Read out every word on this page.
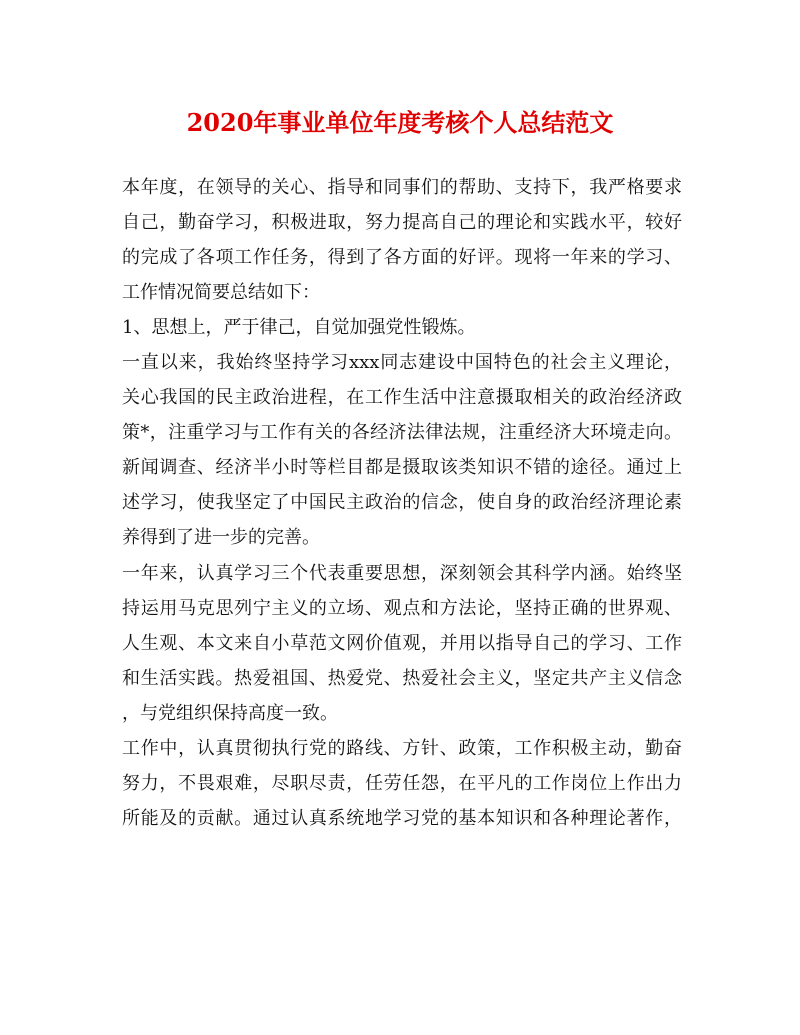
2020年事业单位年度考核个人总结范文
本年度，在领导的关心、指导和同事们的帮助、支持下，我严格要求
自己，勤奋学习，积极进取，努力提高自己的理论和实践水平，较好
的完成了各项工作任务，得到了各方面的好评。现将一年来的学习、
工作情况简要总结如下：
1、思想上，严于律己，自觉加强党性锻炼。
一直以来，我始终坚持学习xxx同志建设中国特色的社会主义理论，
关心我国的民主政治进程，在工作生活中注意摄取相关的政治经济政
策*，注重学习与工作有关的各经济法律法规，注重经济大环境走向。
新闻调查、经济半小时等栏目都是摄取该类知识不错的途径。通过上
述学习，使我坚定了中国民主政治的信念，使自身的政治经济理论素
养得到了进一步的完善。
一年来，认真学习三个代表重要思想，深刻领会其科学内涵。始终坚
持运用马克思列宁主义的立场、观点和方法论，坚持正确的世界观、
人生观、本文来自小草范文网价值观，并用以指导自己的学习、工作
和生活实践。热爱祖国、热爱党、热爱社会主义，坚定共产主义信念
，与党组织保持高度一致。
工作中，认真贯彻执行党的路线、方针、政策，工作积极主动，勤奋
努力，不畏艰难，尽职尽责，任劳任怨，在平凡的工作岗位上作出力
所能及的贡献。通过认真系统地学习党的基本知识和各种理论著作，
